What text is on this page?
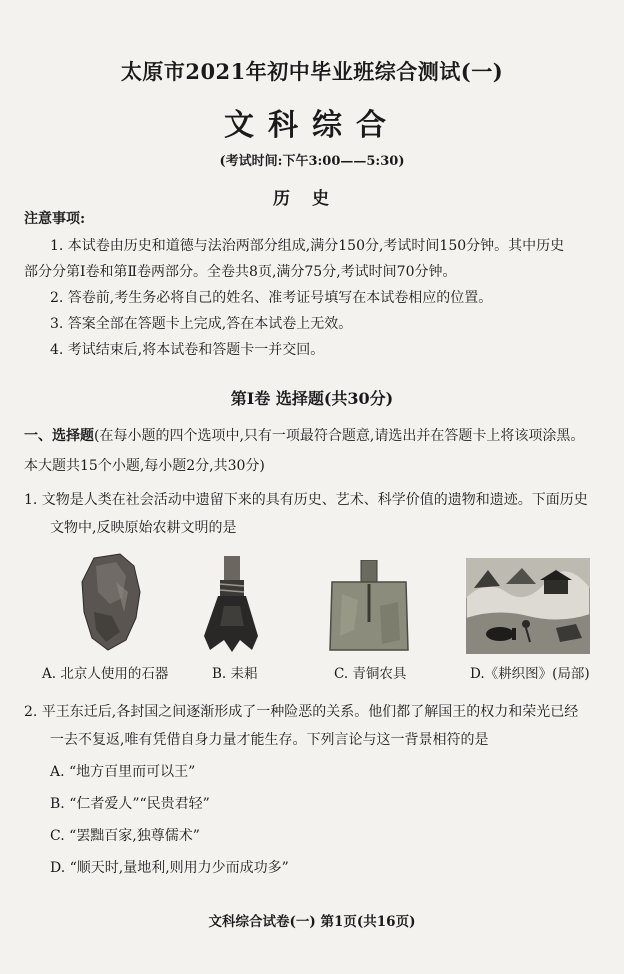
太原市2021年初中毕业班综合测试(一)
文科综合
(考试时间:下午3:00——5:30)
历史
注意事项:
1. 本试卷由历史和道德与法治两部分组成,满分150分,考试时间150分钟。其中历史
部分分第Ⅰ卷和第Ⅱ卷两部分。全卷共8页,满分75分,考试时间70分钟。
2. 答卷前,考生务必将自己的姓名、准考证号填写在本试卷相应的位置。
3. 答案全部在答题卡上完成,答在本试卷上无效。
4. 考试结束后,将本试卷和答题卡一并交回。
第Ⅰ卷 选择题(共30分)
一、选择题(在每小题的四个选项中,只有一项最符合题意,请选出并在答题卡上将该项涂黑。
本大题共15个小题,每小题2分,共30分)
1. 文物是人类在社会活动中遗留下来的具有历史、艺术、科学价值的遗物和遗迹。下面历史
文物中,反映原始农耕文明的是
A. 北京人使用的石器	B. 耒耜	C. 青铜农具	D.《耕织图》(局部)
2. 平王东迁后,各封国之间逐渐形成了一种险恶的关系。他们都了解国王的权力和荣光已经
一去不复返,唯有凭借自身力量才能生存。下列言论与这一背景相符的是
A. “地方百里而可以王”
B. “仁者爱人”“民贵君轻”
C. “罢黜百家,独尊儒术”
D. “顺天时,量地利,则用力少而成功多”
文科综合试卷(一) 第1页(共16页)
